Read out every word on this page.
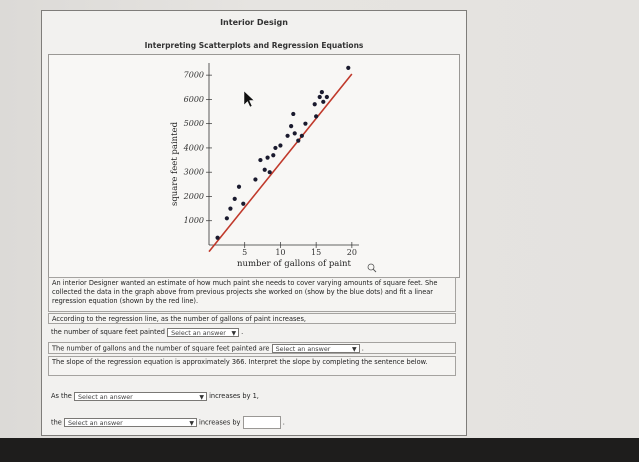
Interior Design
Interpreting Scatterplots and Regression Equations
1000
2000
3000
4000
5000
6000
7000
5	10	15	20
number of gallons of paint
square feet painted
An interior Designer wanted an estimate of how much paint she needs to cover varying amounts of square feet. She collected the data in the graph above from previous projects she worked on (show by the blue dots) and fit a linear regression equation (shown by the red line).
According to the regression line, as the number of gallons of paint increases,
the number of square feet painted Select an answer ▼ .
The number of gallons and the number of square feet painted are Select an answer	▼ .
The slope of the regression equation is approximately 366. Interpret the slope by completing the sentence below.
As the Select an answer	▼ increases by 1,
the Select an answer	▼ increases by	.
